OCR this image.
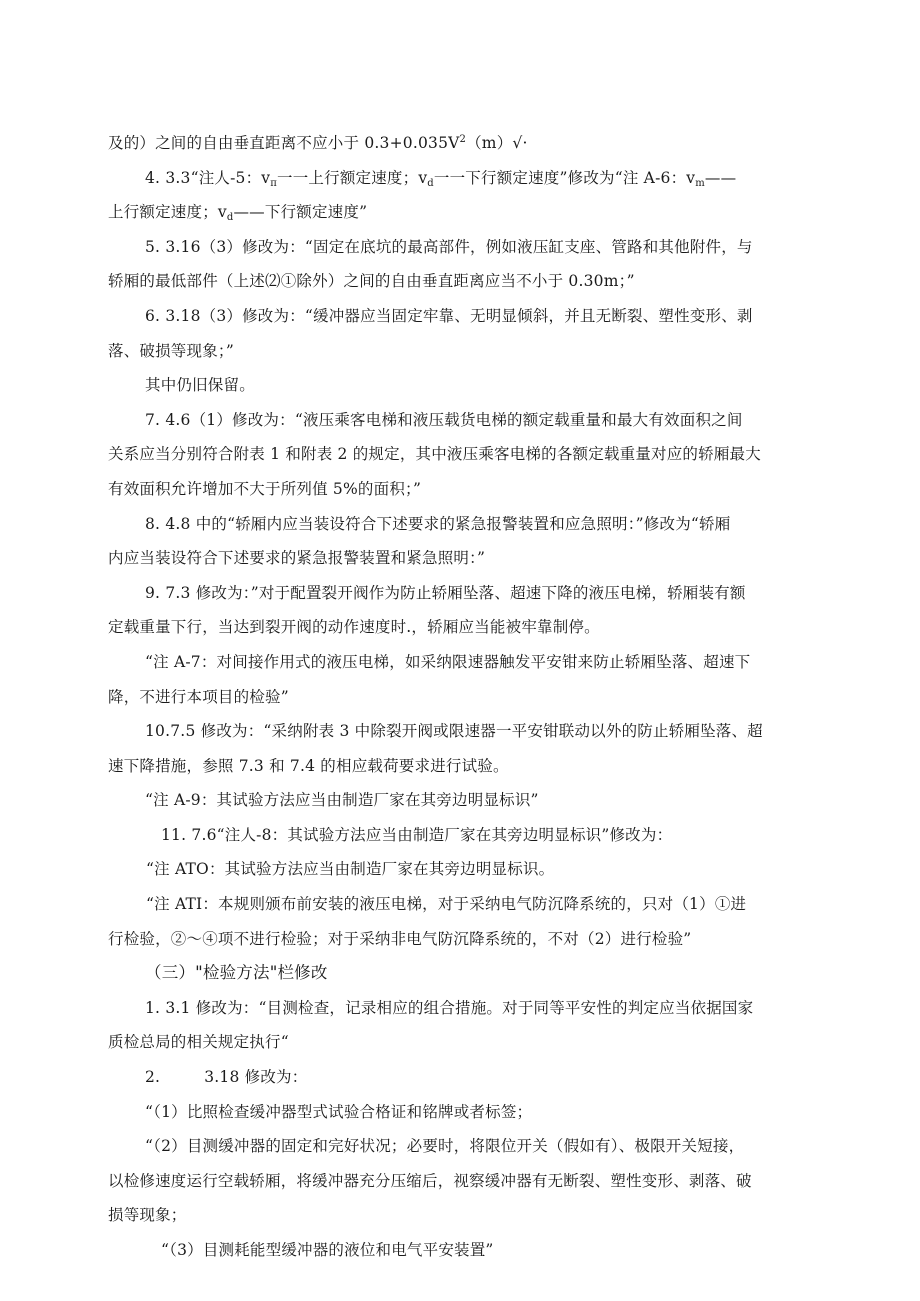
及的）之间的自由垂直距离不应小于 $0.3+0.035V^2(m)√\cdot$
4. 3.3“注人-5：$v_\pi$一一上行额定速度；$v_d$一一下行额定速度”修改为“注 A-6：$v_m——$
上行额定速度；$v_d——$下行额定速度”
5. 3.16（3）修改为：“固定在底坑的最高部件，例如液压缸支座、管路和其他附件，与
轿厢的最低部件（上述⑵①除外）之间的自由垂直距离应当不小于 0.30m；”
6. 3.18（3）修改为：“缓冲器应当固定牢靠、无明显倾斜，并且无断裂、塑性变形、剥
落、破损等现象；”
其中仍旧保留。
7. 4.6（1）修改为：“液压乘客电梯和液压载货电梯的额定载重量和最大有效面积之间
关系应当分别符合附表 1 和附表 2 的规定，其中液压乘客电梯的各额定载重量对应的轿厢最大
有效面积允许增加不大于所列值 5%的面积；”
8. 4.8 中的“轿厢内应当装设符合下述要求的紧急报警装置和应急照明：”修改为“轿厢
内应当装设符合下述要求的紧急报警装置和紧急照明：”
9. 7.3 修改为：”对于配置裂开阀作为防止轿厢坠落、超速下降的液压电梯，轿厢装有额
定载重量下行，当达到裂开阀的动作速度时.，轿厢应当能被牢靠制停。
“注 A-7：对间接作用式的液压电梯，如采纳限速器触发平安钳来防止轿厢坠落、超速下
降，不进行本项目的检验”
10.7.5 修改为：“采纳附表 3 中除裂开阀或限速器一平安钳联动以外的防止轿厢坠落、超
速下降措施，参照 7.3 和 7.4 的相应载荷要求进行试验。
“注 A-9：其试验方法应当由制造厂家在其旁边明显标识”
11. 7.6“注人-8：其试验方法应当由制造厂家在其旁边明显标识”修改为：
“注 ATO：其试验方法应当由制造厂家在其旁边明显标识。
“注 ATI：本规则颁布前安装的液压电梯，对于采纳电气防沉降系统的，只对（1）①进
行检验，②～④项不进行检验；对于采纳非电气防沉降系统的，不对（2）进行检验”
（三）"检验方法"栏修改
1. 3.1 修改为：“目测检查，记录相应的组合措施。对于同等平安性的判定应当依据国家
质检总局的相关规定执行“
2.	3.18 修改为：
“（1）比照检查缓冲器型式试验合格证和铭牌或者标签；
“（2）目测缓冲器的固定和完好状况；必要时，将限位开关（假如有）、极限开关短接，
以检修速度运行空载轿厢，将缓冲器充分压缩后，视察缓冲器有无断裂、塑性变形、剥落、破
损等现象；
“（3）目测耗能型缓冲器的液位和电气平安装置”
